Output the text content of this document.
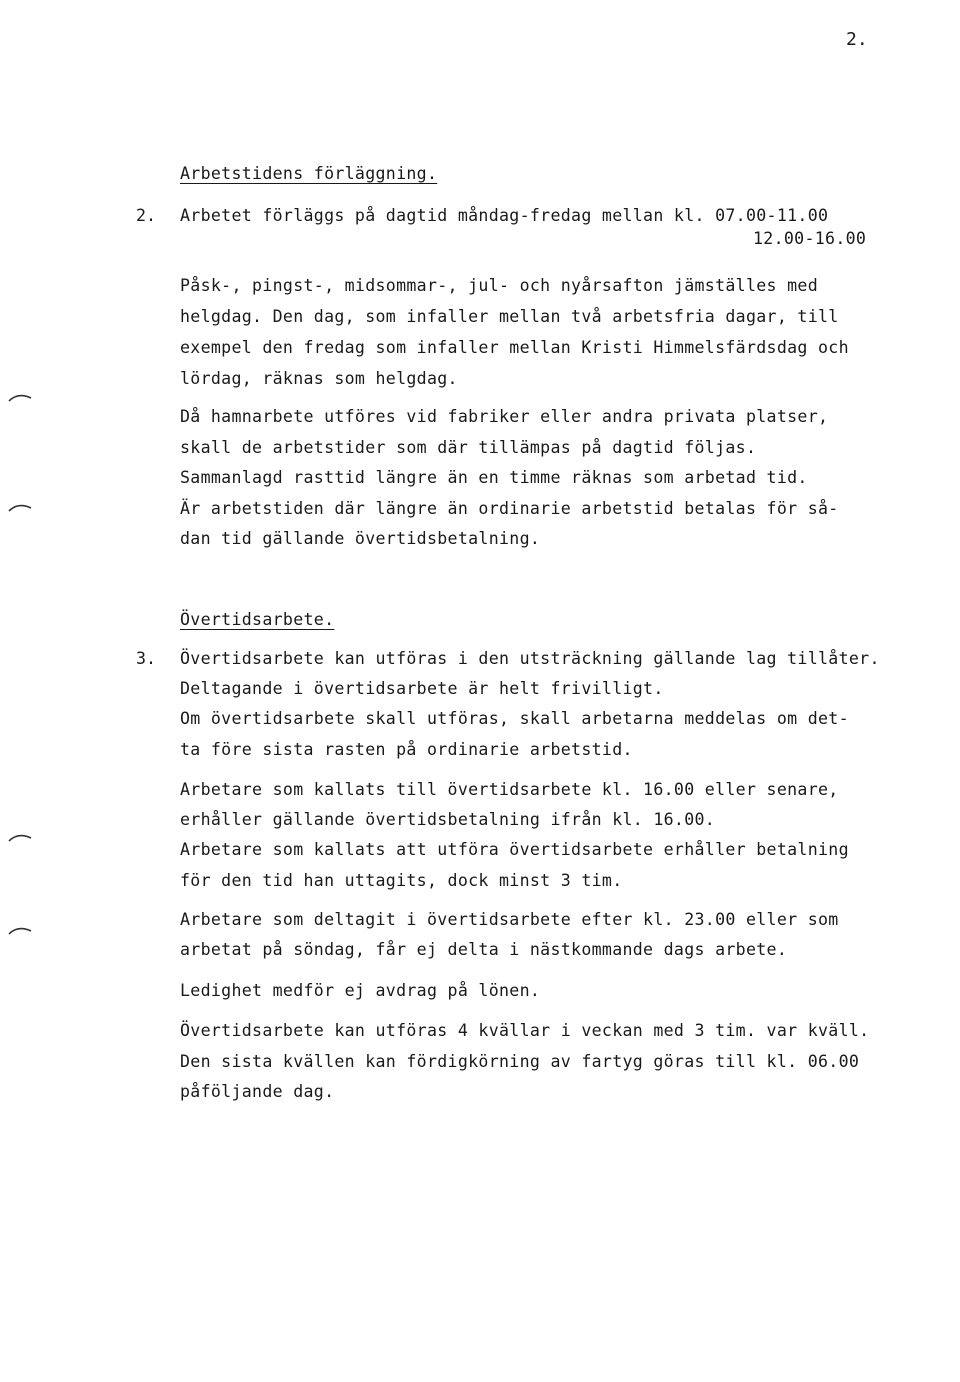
2.
Arbetstidens förläggning.
2. Arbetet förläggs på dagtid måndag-fredag mellan kl. 07.00-11.00
12.00-16.00
Påsk-, pingst-, midsommar-, jul- och nyårsafton jämställes med
helgdag. Den dag, som infaller mellan två arbetsfria dagar, till
exempel den fredag som infaller mellan Kristi Himmelsfärdsdag och
lördag, räknas som helgdag.
Då hamnarbete utföres vid fabriker eller andra privata platser,
skall de arbetstider som där tillämpas på dagtid följas.
Sammanlagd rasttid längre än en timme räknas som arbetad tid.
Är arbetstiden där längre än ordinarie arbetstid betalas för så-
dan tid gällande övertidsbetalning.
Övertidsarbete.
3. Övertidsarbete kan utföras i den utsträckning gällande lag tillåter.
Deltagande i övertidsarbete är helt frivilligt.
Om övertidsarbete skall utföras, skall arbetarna meddelas om det-
ta före sista rasten på ordinarie arbetstid.
Arbetare som kallats till övertidsarbete kl. 16.00 eller senare,
erhåller gällande övertidsbetalning ifrån kl. 16.00.
Arbetare som kallats att utföra övertidsarbete erhåller betalning
för den tid han uttagits, dock minst 3 tim.
Arbetare som deltagit i övertidsarbete efter kl. 23.00 eller som
arbetat på söndag, får ej delta i nästkommande dags arbete.
Ledighet medför ej avdrag på lönen.
Övertidsarbete kan utföras 4 kvällar i veckan med 3 tim. var kväll.
Den sista kvällen kan fördigkörning av fartyg göras till kl. 06.00
påföljande dag.
